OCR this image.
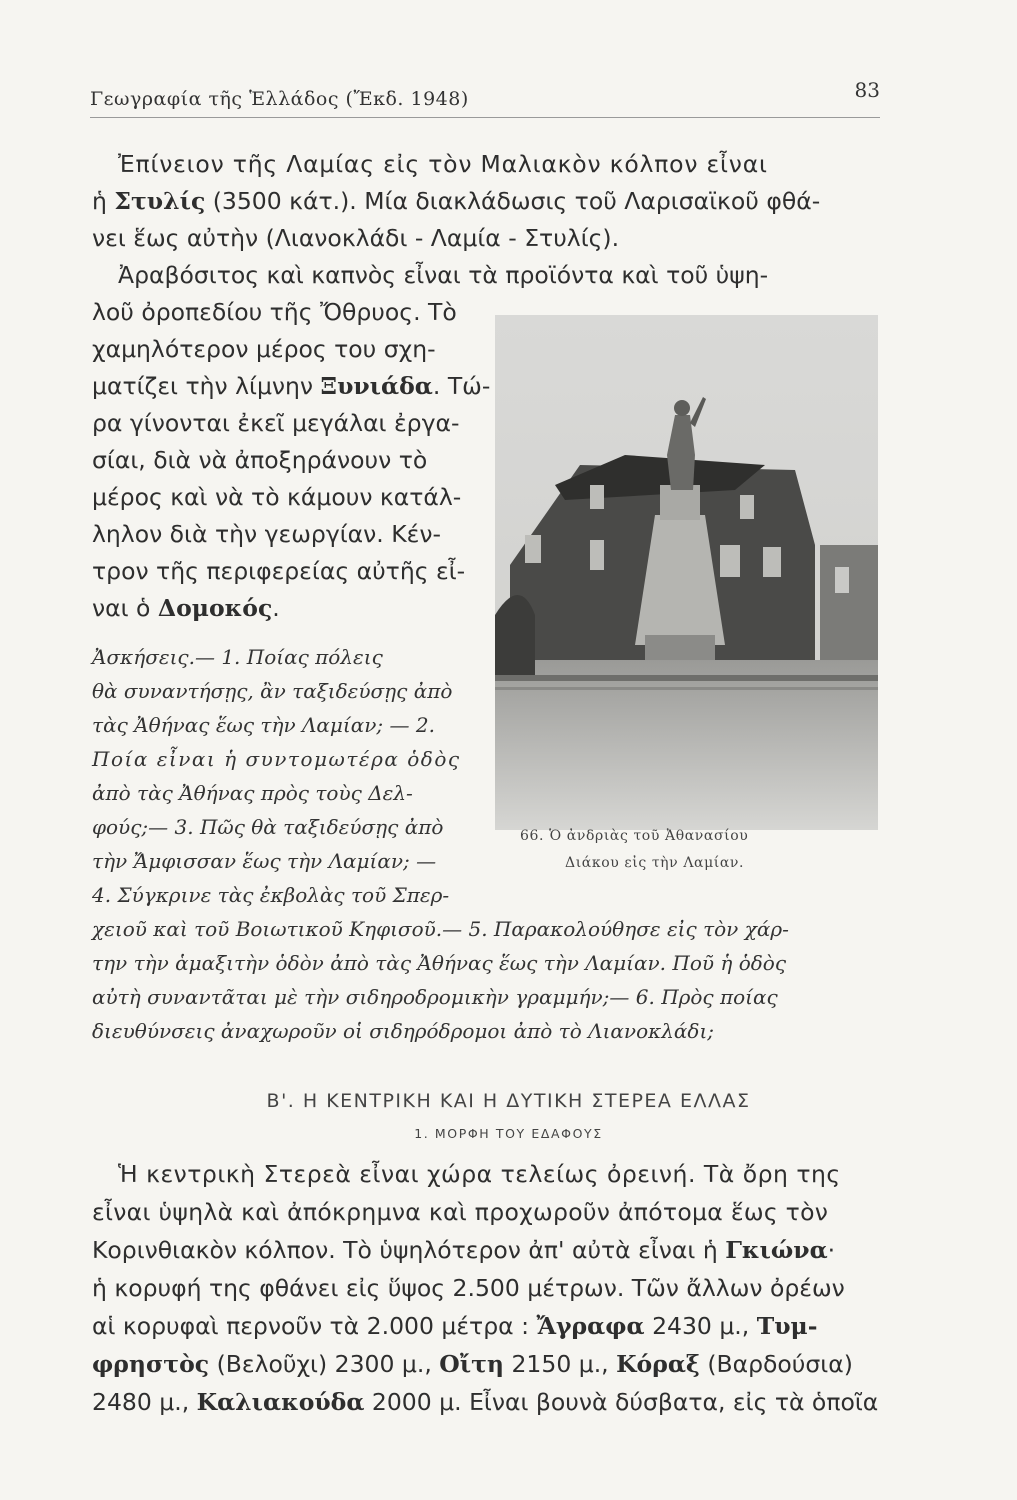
Γεωγραφία τῆς Ἑλλάδος (Ἔκδ. 1948)	83
Ἐπίνειον τῆς Λαμίας εἰς τὸν Μαλιακὸν κόλπον εἶναι
ἡ Στυλίς (3500 κάτ.). Μία διακλάδωσις τοῦ Λαρισαϊκοῦ φθά-
νει ἕως αὐτὴν (Λιανοκλάδι - Λαμία - Στυλίς).
Ἀραβόσιτος καὶ καπνὸς εἶναι τὰ προϊόντα καὶ τοῦ ὑψη-
λοῦ ὀροπεδίου τῆς Ὄθρυος. Τὸ
χαμηλότερον μέρος του σχη-
ματίζει τὴν λίμνην Ξυνιάδα. Τώ-
ρα γίνονται ἐκεῖ μεγάλαι ἐργα-
σίαι, διὰ νὰ ἀποξηράνουν τὸ
μέρος καὶ νὰ τὸ κάμουν κατάλ-
ληλον διὰ τὴν γεωργίαν. Κέν-
τρον τῆς περιφερείας αὐτῆς εἶ-
ναι ὁ Δομοκός.
Ἀσκήσεις.— 1. Ποίας πόλεις
θὰ συναντήσῃς, ἂν ταξιδεύσῃς ἀπὸ
τὰς Ἀθήνας ἕως τὴν Λαμίαν; — 2.
Ποία εἶναι ἡ συντομωτέρα ὁδὸς
ἀπὸ τὰς Ἀθήνας πρὸς τοὺς Δελ-
φούς;— 3. Πῶς θὰ ταξιδεύσῃς ἀπὸ
τὴν Ἄμφισσαν ἕως τὴν Λαμίαν; —
4. Σύγκρινε τὰς ἐκβολὰς τοῦ Σπερ-
χειοῦ καὶ τοῦ Βοιωτικοῦ Κηφισοῦ.— 5. Παρακολούθησε εἰς τὸν χάρ-
την τὴν ἁμαξιτὴν ὁδὸν ἀπὸ τὰς Ἀθήνας ἕως τὴν Λαμίαν. Ποῦ ἡ ὁδὸς
αὐτὴ συναντᾶται μὲ τὴν σιδηροδρομικὴν γραμμήν;— 6. Πρὸς ποίας
διευθύνσεις ἀναχωροῦν οἱ σιδηρόδρομοι ἀπὸ τὸ Λιανοκλάδι;
66. Ὁ ἀνδριὰς τοῦ Ἀθανασίου
Διάκου εἰς τὴν Λαμίαν.
Β'. Η ΚΕΝΤΡΙΚΗ ΚΑΙ Η ΔΥΤΙΚΗ ΣΤΕΡΕΑ ΕΛΛΑΣ
1. ΜΟΡΦΗ ΤΟΥ ΕΔΑΦΟΥΣ
Ἡ κεντρικὴ Στερεὰ εἶναι χώρα τελείως ὀρεινή. Τὰ ὄρη της
εἶναι ὑψηλὰ καὶ ἀπόκρημνα καὶ προχωροῦν ἀπότομα ἕως τὸν
Κορινθιακὸν κόλπον. Τὸ ὑψηλότερον ἀπ' αὐτὰ εἶναι ἡ Γκιώνα·
ἡ κορυφή της φθάνει εἰς ὕψος 2.500 μέτρων. Τῶν ἄλλων ὀρέων
αἱ κορυφαὶ περνοῦν τὰ 2.000 μέτρα : Ἄγραφα 2430 μ., Τυμ-
φρηστὸς (Βελοῦχι) 2300 μ., Οἴτη 2150 μ., Κόραξ (Βαρδούσια)
2480 μ., Καλιακούδα 2000 μ. Εἶναι βουνὰ δύσβατα, εἰς τὰ ὁποῖα
